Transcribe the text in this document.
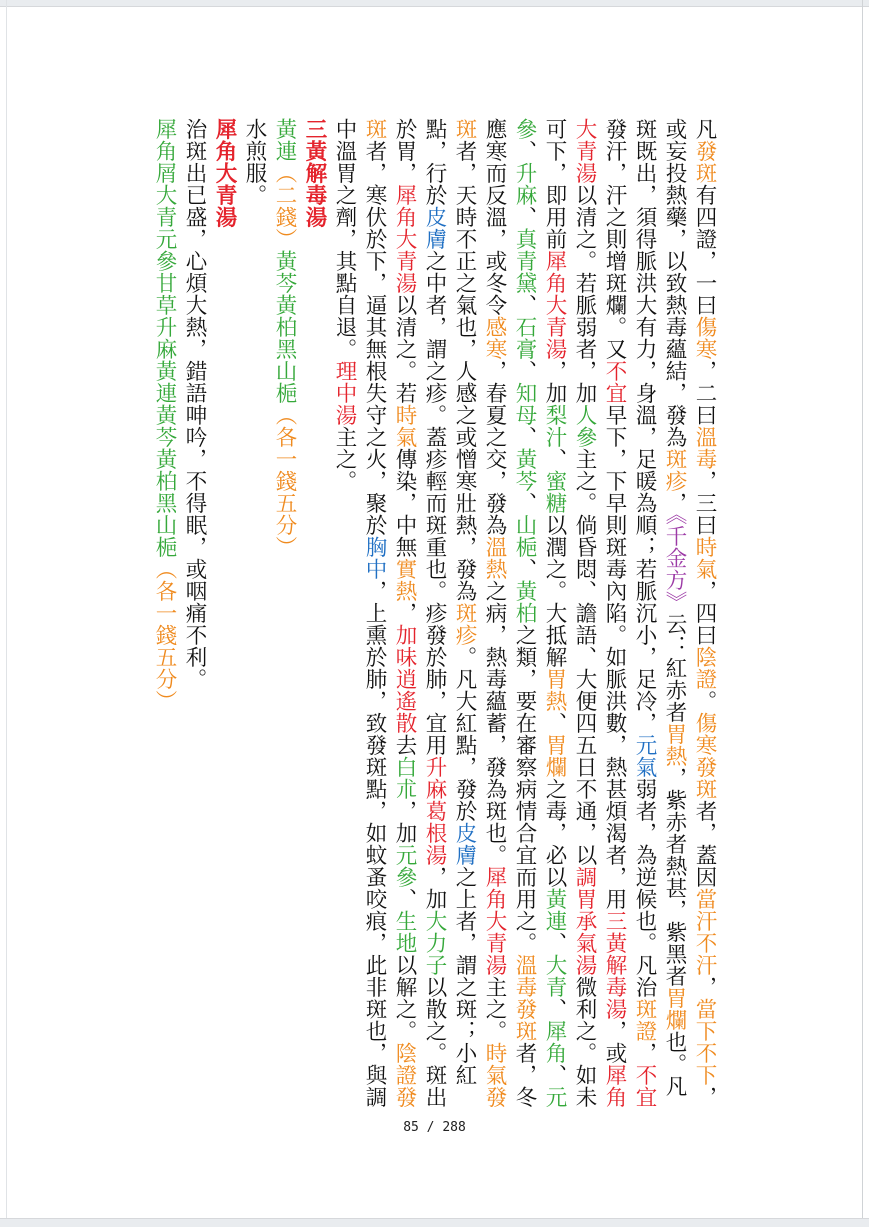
凡發斑有四證，一曰傷寒，二曰溫毒，三曰時氣，四曰陰證。傷寒發斑者，蓋因當汗不汗，當下不下，或妄投熱藥，以致熱毒蘊結，發為斑疹，《千金方》云：紅赤者胃熱，紫赤者熱甚，紫黑者胃爛也。凡斑既出，須得脈洪大有力，身溫，足暖為順；若脈沉小，足冷，元氣弱者，為逆候也。凡治斑證，不宜發汗，汗之則增斑爛。又不宜早下，下早則斑毒內陷。如脈洪數，熱甚煩渴者，用三黃解毒湯，或犀角大青湯以清之。若脈弱者，加人參主之。倘昏悶、譫語、大便四五日不通，以調胃承氣湯微利之。如未可下，即用前犀角大青湯，加梨汁、蜜糖以潤之。大抵解胃熱、胃爛之毒，必以黃連、大青、犀角、元參、升麻、真青黛、石膏、知母、黃芩、山梔、黃柏之類，要在審察病情合宜而用之。溫毒發斑者，冬應寒而反溫，或冬令感寒，春夏之交，發為溫熱之病，熱毒蘊蓄，發為斑也。犀角大青湯主之。時氣發斑者，天時不正之氣也，人感之或憎寒壯熱，發為斑疹。凡大紅點，發於皮膚之上者，謂之斑；小紅點，行於皮膚之中者，謂之疹。蓋疹輕而斑重也。疹發於肺，宜用升麻葛根湯，加大力子以散之。斑出於胃，犀角大青湯以清之。若時氣傳染，中無實熱，加味逍遙散去白朮，加元參、生地以解之。陰證發斑者，寒伏於下，逼其無根失守之火，聚於胸中，上熏於肺，致發斑點，如蚊蚤咬痕，此非斑也，與調中溫胃之劑，其點自退。理中湯主之。

三黃解毒湯

黃連（二錢）黃芩黃柏黑山梔（各一錢五分）

水煎服。

犀角大青湯

治斑出已盛，心煩大熱，錯語呻吟，不得眠，或咽痛不利。

犀角屑大青元參甘草升麻黃連黃芩黃柏黑山梔（各一錢五分）

85 / 288
